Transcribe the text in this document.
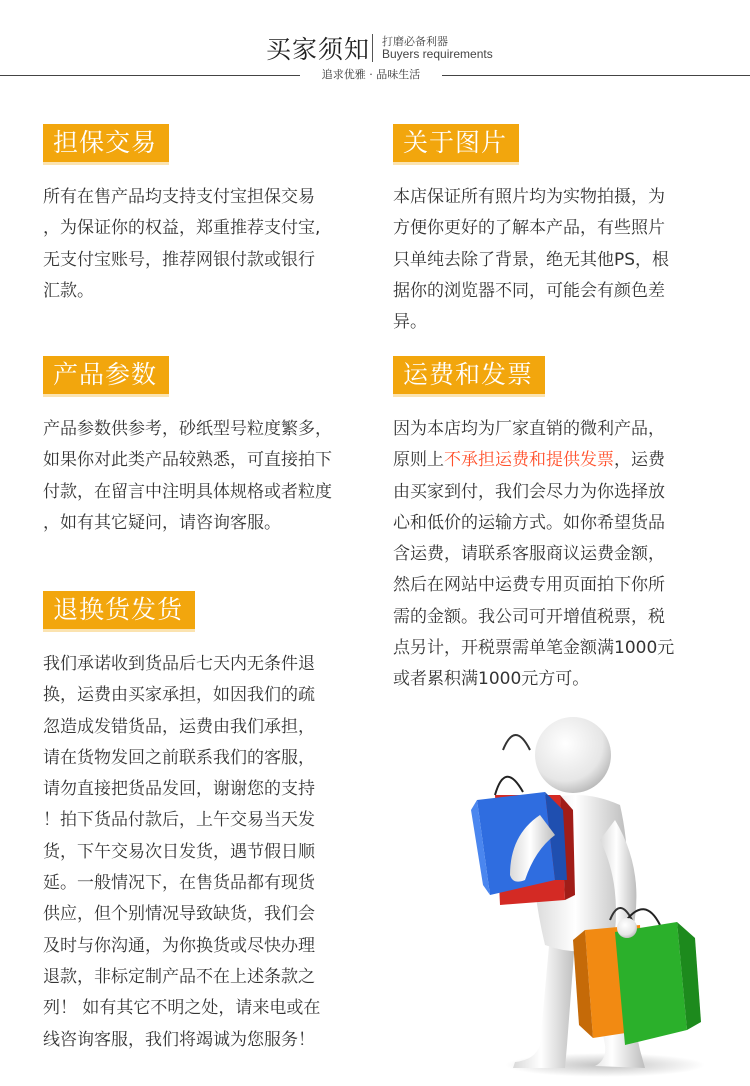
买家须知 打磨必备利器
Buyers requirements
追求优雅 · 品味生活
担保交易
所有在售产品均支持支付宝担保交易
，为保证你的权益，郑重推荐支付宝,
无支付宝账号，推荐网银付款或银行
汇款。
关于图片
本店保证所有照片均为实物拍摄，为
方便你更好的了解本产品，有些照片
只单纯去除了背景，绝无其他PS，根
据你的浏览器不同，可能会有颜色差
异。
产品参数
产品参数供参考，砂纸型号粒度繁多，
如果你对此类产品较熟悉，可直接拍下
付款，在留言中注明具体规格或者粒度
，如有其它疑问，请咨询客服。
运费和发票
因为本店均为厂家直销的微利产品，
原则上不承担运费和提供发票，运费
由买家到付，我们会尽力为你选择放
心和低价的运输方式。如你希望货品
含运费，请联系客服商议运费金额，
然后在网站中运费专用页面拍下你所
需的金额。我公司可开增值税票，税
点另计，开税票需单笔金额满1000元
或者累积满1000元方可。
退换货发货
我们承诺收到货品后七天内无条件退
换，运费由买家承担，如因我们的疏
忽造成发错货品，运费由我们承担，
请在货物发回之前联系我们的客服，
请勿直接把货品发回，谢谢您的支持
！拍下货品付款后，上午交易当天发
货，下午交易次日发货，遇节假日顺
延。一般情况下，在售货品都有现货
供应，但个别情况导致缺货，我们会
及时与你沟通，为你换货或尽快办理
退款，非标定制产品不在上述条款之
列！ 如有其它不明之处，请来电或在
线咨询客服，我们将竭诚为您服务！
